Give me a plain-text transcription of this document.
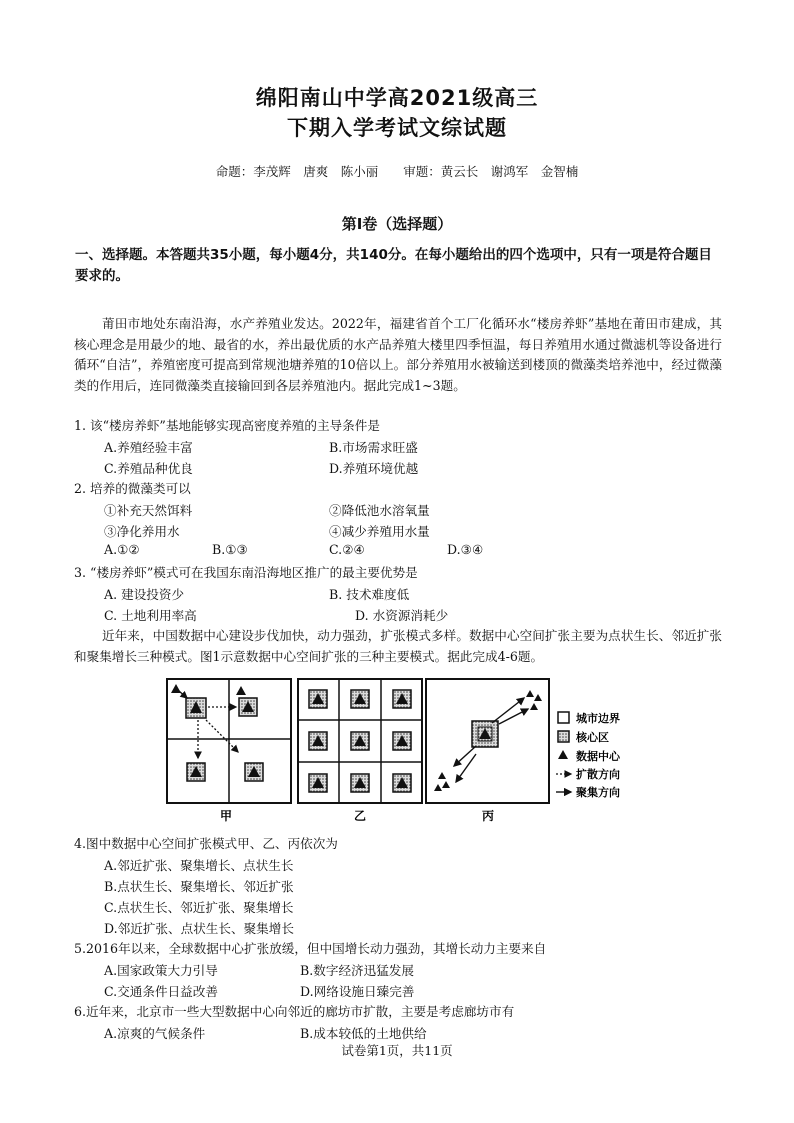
绵阳南山中学高2021级高三
下期入学考试文综试题
命题：李茂辉　唐爽　陈小丽　　审题：黄云长　谢鸿军　金智楠
第Ⅰ卷（选择题）
一、选择题。本答题共35小题，每小题4分，共140分。在每小题给出的四个选项中，只有一项是符合题目要求的。
莆田市地处东南沿海，水产养殖业发达。2022年，福建省首个工厂化循环水“楼房养虾”基地在莆田市建成，其核心理念是用最少的地、最省的水，养出最优质的水产品养殖大楼里四季恒温，每日养殖用水通过微滤机等设备进行循环“自洁”，养殖密度可提高到常规池塘养殖的10倍以上。部分养殖用水被输送到楼顶的微藻类培养池中，经过微藻类的作用后，连同微藻类直接输回到各层养殖池内。据此完成1~3题。
1. 该“楼房养虾”基地能够实现高密度养殖的主导条件是
A.养殖经验丰富	B.市场需求旺盛
C.养殖品种优良	D.养殖环境优越
2. 培养的微藻类可以
①补充天然饵料	②降低池水溶氧量
③净化养用水	④减少养殖用水量
A.①②	B.①③	C.②④	D.③④
3. “楼房养虾”模式可在我国东南沿海地区推广的最主要优势是
A. 建设投资少	B. 技术难度低
C. 土地利用率高	D. 水资源消耗少
近年来，中国数据中心建设步伐加快，动力强劲，扩张模式多样。数据中心空间扩张主要为点状生长、邻近扩张和聚集增长三种模式。图1示意数据中心空间扩张的三种主要模式。据此完成4-6题。
城市边界
核心区
数据中心
扩散方向
聚集方向
甲	乙	丙
4.图中数据中心空间扩张模式甲、乙、丙依次为
A.邻近扩张、聚集增长、点状生长
B.点状生长、聚集增长、邻近扩张
C.点状生长、邻近扩张、聚集增长
D.邻近扩张、点状生长、聚集增长
5.2016年以来，全球数据中心扩张放缓，但中国增长动力强劲，其增长动力主要来自
A.国家政策大力引导	B.数字经济迅猛发展
C.交通条件日益改善	D.网络设施日臻完善
6.近年来，北京市一些大型数据中心向邻近的廊坊市扩散，主要是考虑廊坊市有
A.凉爽的气候条件	B.成本较低的土地供给
试卷第1页，共11页
